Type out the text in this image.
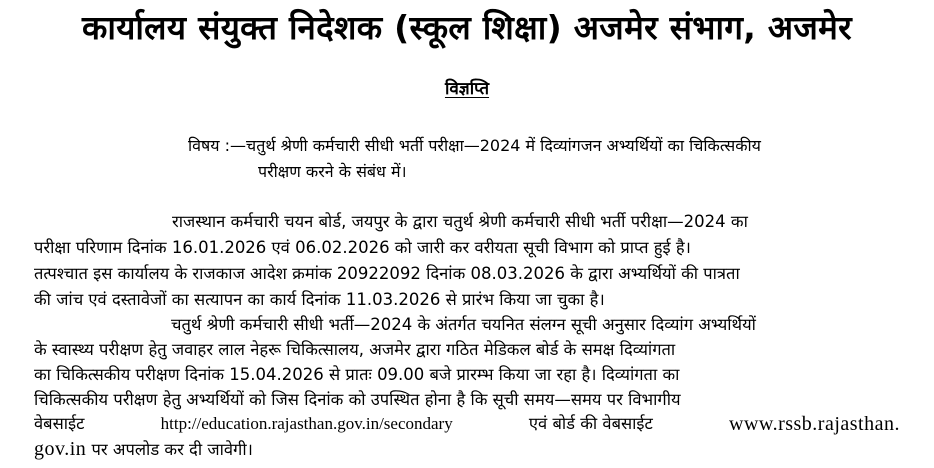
कार्यालय संयुक्त निदेशक (स्कूल शिक्षा) अजमेर संभाग, अजमेर
विज्ञप्ति
विषय :—चतुर्थ श्रेणी कर्मचारी सीधी भर्ती परीक्षा—2024 में दिव्यांगजन अभ्यर्थियों का चिकित्सकीय
परीक्षण करने के संबंध में।
राजस्थान कर्मचारी चयन बोर्ड, जयपुर के द्वारा चतुर्थ श्रेणी कर्मचारी सीधी भर्ती परीक्षा—2024 का
परीक्षा परिणाम दिनांक 16.01.2026 एवं 06.02.2026 को जारी कर वरीयता सूची विभाग को प्राप्त हुई है।
तत्पश्चात इस कार्यालय के राजकाज आदेश क्रमांक 20922092 दिनांक 08.03.2026 के द्वारा अभ्यर्थियों की पात्रता
की जांच एवं दस्तावेजों का सत्यापन का कार्य दिनांक 11.03.2026 से प्रारंभ किया जा चुका है।
चतुर्थ श्रेणी कर्मचारी सीधी भर्ती—2024 के अंतर्गत चयनित संलग्न सूची अनुसार दिव्यांग अभ्यर्थियों
के स्वास्थ्य परीक्षण हेतु जवाहर लाल नेहरू चिकित्सालय, अजमेर द्वारा गठित मेडिकल बोर्ड के समक्ष दिव्यांगता
का चिकित्सकीय परीक्षण दिनांक 15.04.2026 से प्रातः 09.00 बजे प्रारम्भ किया जा रहा है। दिव्यांगता का
चिकित्सकीय परीक्षण हेतु अभ्यर्थियों को जिस दिनांक को उपस्थित होना है कि सूची समय—समय पर विभागीय
वेबसाईट	http://education.rajasthan.gov.in/secondary	एवं बोर्ड की वेबसाईट	www.rssb.rajasthan.
gov.in पर अपलोड कर दी जावेगी।
